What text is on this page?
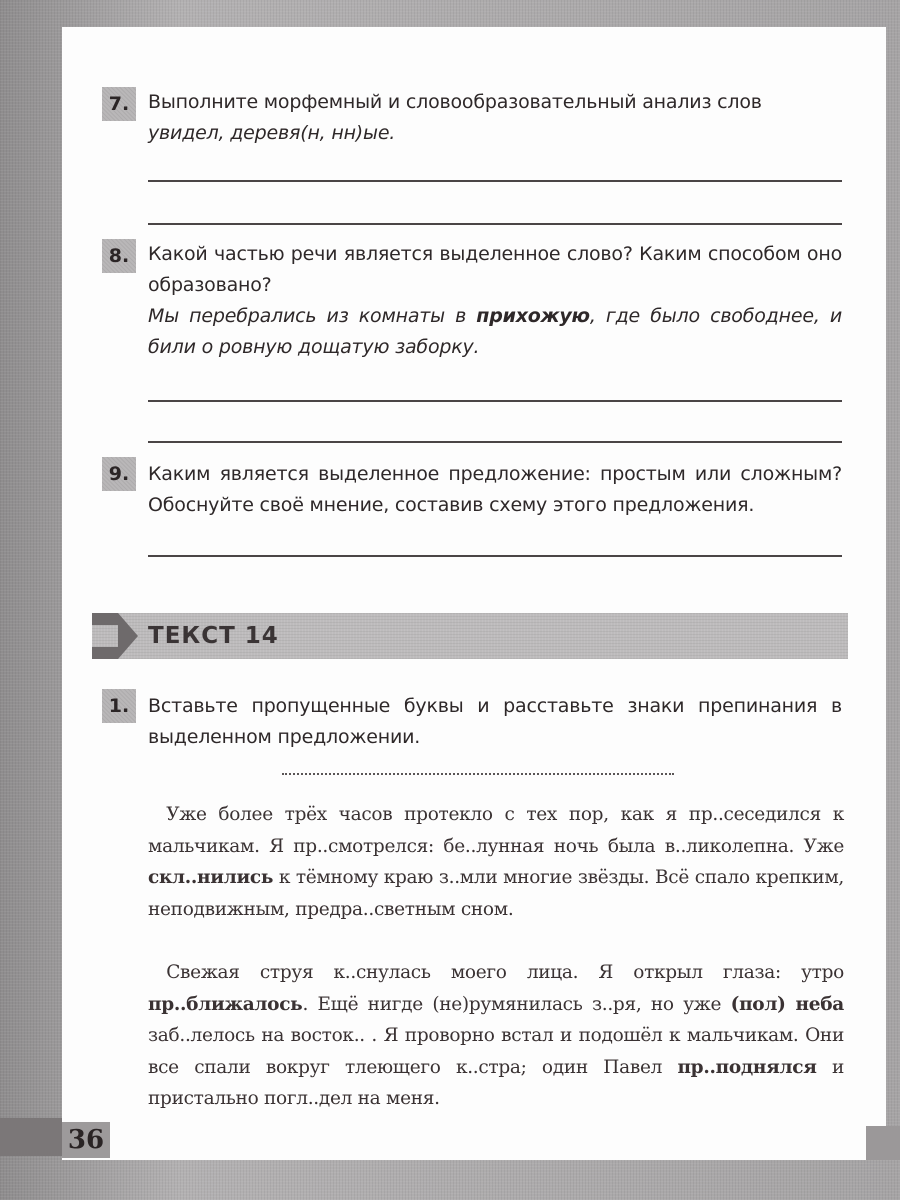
7. Выполните морфемный и словообразовательный анализ слов
увидел, деревя(н, нн)ые.
8. Какой частью речи является выделенное слово? Каким способом оно образовано?
Мы перебрались из комнаты в прихожую, где было свободнее, и били о ровную дощатую заборку.
9. Каким является выделенное предложение: простым или сложным? Обоснуйте своё мнение, составив схему этого предложения.
ТЕКСТ 14
1. Вставьте пропущенные буквы и расставьте знаки препинания в выделенном предложении.

 Уже более трёх часов протекло с тех пор, как я пр..сеседился к мальчикам. Я пр..смотрелся: бе..лунная ночь была в..ликолепна. Уже скл..нились к тёмному краю з..мли многие звёзды. Всё спало крепким, неподвижным, предра..светным сном.

 Свежая струя к..снулась моего лица. Я открыл глаза: утро пр..ближалось. Ещё нигде (не)румянилась з..ря, но уже (пол) неба заб..лелось на восток.. . Я проворно встал и подошёл к мальчикам. Они все спали вокруг тлеющего к..стра; один Павел пр..поднялся и пристально погл..дел на меня.

36
